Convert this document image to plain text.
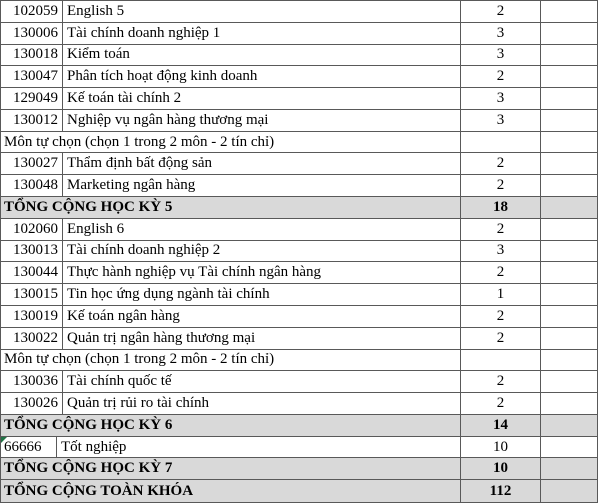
102059 English 5	2
130006 Tài chính doanh nghiệp 1	3
130018 Kiểm toán	3
130047 Phân tích hoạt động kinh doanh	2
129049 Kế toán tài chính 2	3
130012 Nghiệp vụ ngân hàng thương mại	3
Môn tự chọn (chọn 1 trong 2 môn - 2 tín chỉ)
130027 Thẩm định bất động sản	2
130048 Marketing ngân hàng	2
TỔNG CỘNG HỌC KỲ 5	18
102060 English 6	2
130013 Tài chính doanh nghiệp 2	3
130044 Thực hành nghiệp vụ Tài chính ngân hàng	2
130015 Tin học ứng dụng ngành tài chính	1
130019 Kế toán ngân hàng	2
130022 Quản trị ngân hàng thương mại	2
Môn tự chọn (chọn 1 trong 2 môn - 2 tín chỉ)
130036 Tài chính quốc tế	2
130026 Quản trị rủi ro tài chính	2
TỔNG CỘNG HỌC KỲ 6	14
66666	Tốt nghiệp	10
TỔNG CỘNG HỌC KỲ 7	10
TỔNG CỘNG TOÀN KHÓA	112
